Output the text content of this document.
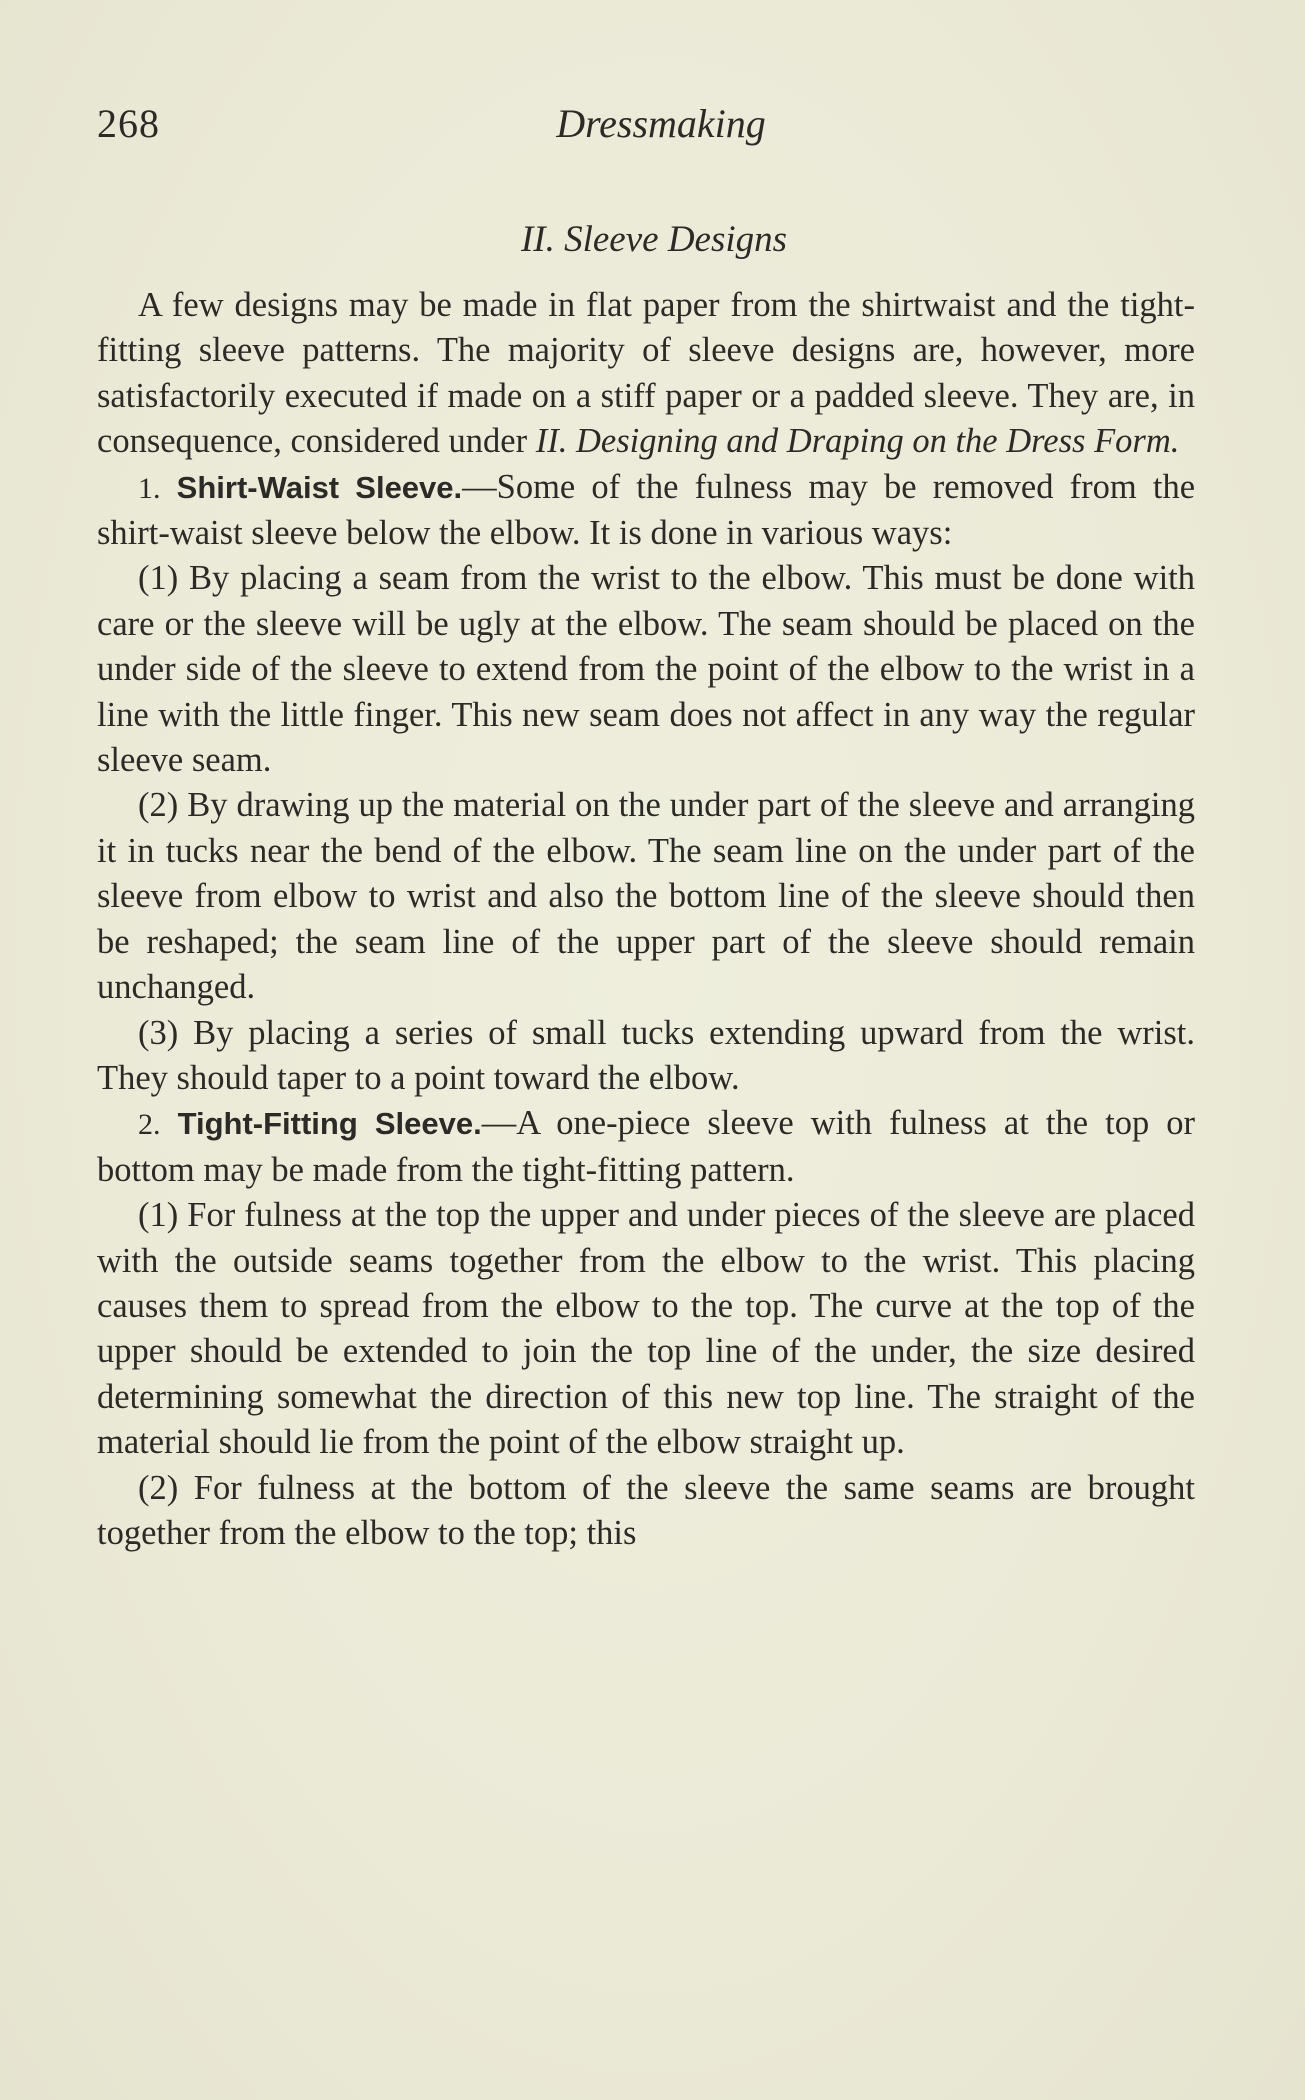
268	Dressmaking
II. Sleeve Designs

A few designs may be made in flat paper from the shirtwaist and the tight-fitting sleeve patterns. The majority of sleeve designs are, however, more satisfactorily executed if made on a stiff paper or a padded sleeve. They are, in consequence, considered under II. Designing and Draping on the Dress Form.

1. Shirt-Waist Sleeve.—Some of the fulness may be removed from the shirt-waist sleeve below the elbow. It is done in various ways:

(1) By placing a seam from the wrist to the elbow. This must be done with care or the sleeve will be ugly at the elbow. The seam should be placed on the under side of the sleeve to extend from the point of the elbow to the wrist in a line with the little finger. This new seam does not affect in any way the regular sleeve seam.

(2) By drawing up the material on the under part of the sleeve and arranging it in tucks near the bend of the elbow. The seam line on the under part of the sleeve from elbow to wrist and also the bottom line of the sleeve should then be reshaped; the seam line of the upper part of the sleeve should remain unchanged.

(3) By placing a series of small tucks extending upward from the wrist. They should taper to a point toward the elbow.

2. Tight-Fitting Sleeve.—A one-piece sleeve with fulness at the top or bottom may be made from the tight-fitting pattern.

(1) For fulness at the top the upper and under pieces of the sleeve are placed with the outside seams together from the elbow to the wrist. This placing causes them to spread from the elbow to the top. The curve at the top of the upper should be extended to join the top line of the under, the size desired determining somewhat the direction of this new top line. The straight of the material should lie from the point of the elbow straight up.

(2) For fulness at the bottom of the sleeve the same seams are brought together from the elbow to the top; this
